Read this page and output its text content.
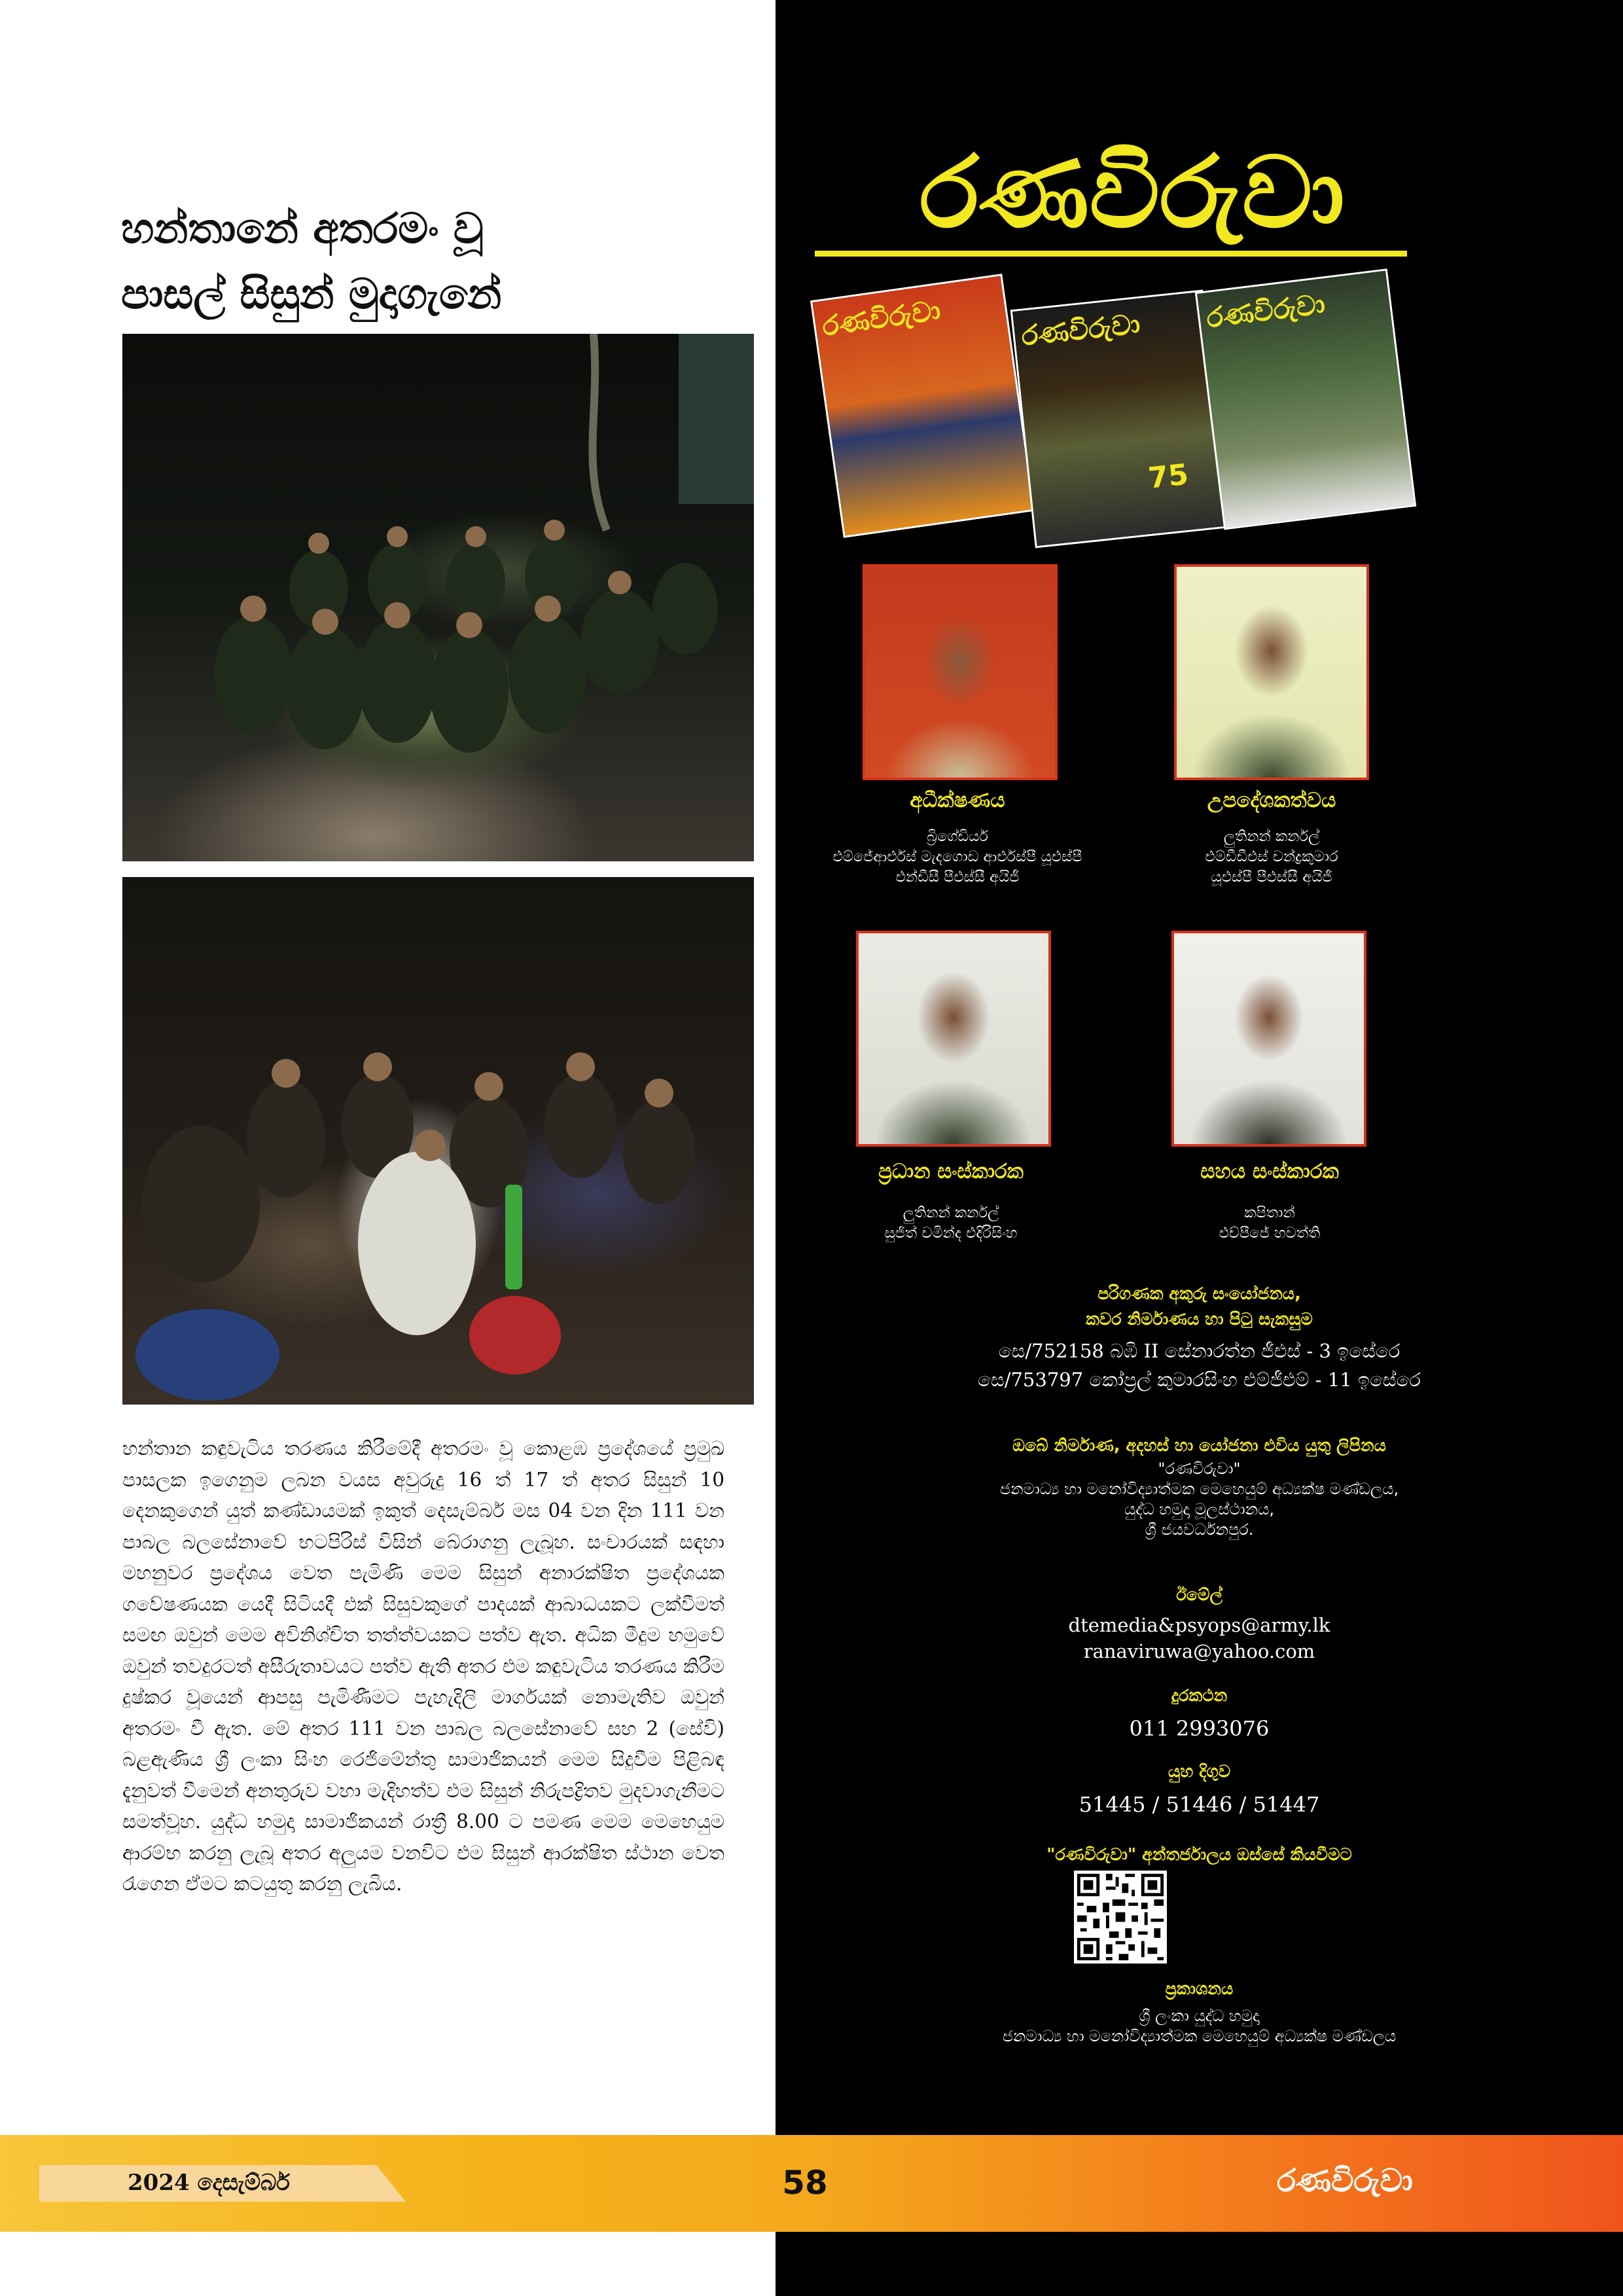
හන්තානේ අතරමං වූ
පාසල් සිසුන් මුදාගැනේ

හන්තාන කඳුවැටිය තරණය කිරීමේදී අතරමං වූ කොළඹ ප්‍රදේශයේ ප්‍රමුඛ පාසලක ඉගෙනුම ලබන වයස අවුරුදු 16 ත් 17 ත් අතර සිසුන් 10 දෙනකුගෙන් යුත් කණ්ඩායමක් ඉකුත් දෙසැම්බර් මස 04 වන දින 111 වන පාබල බලසේනාවේ භටපිරිස් විසින් බේරාගනු ලැබූහ. සංචාරයක් සඳහා මහනුවර ප්‍රදේශය වෙත පැමිණි මෙම සිසුන් අනාරක්ෂිත ප්‍රදේශයක ගවේෂණයක යෙදී සිටියදී එක් සිසුවකුගේ පාදයක් ආබාධයකට ලක්වීමත් සමඟ ඔවුන් මෙම අවිනිශ්චිත තත්ත්වයකට පත්ව ඇත. අධික මීදුම හමුවේ ඔවුන් තවදුරටත් අසීරුතාවයට පත්ව ඇති අතර එම කඳුවැටිය තරණය කිරීම දුෂ්කර වූයෙන් ආපසු පැමිණීමට පැහැදිලි මාර්ගයක් නොමැතිව ඔවුන් අතරමං වී ඇත. මේ අතර 111 වන පාබල බලසේනාවේ සහ 2 (සේවි) බළඇණිය ශ්‍රී ලංකා සිංහ රෙජිමේන්තු සාමාජිකයන් මෙම සිදුවීම පිළිබඳ දැනුවත් වීමෙන් අනතුරුව වහා මැදිහත්ව එම සිසුන් නිරුපද්‍රිතව මුදවාගැනීමට සමත්වූහ. යුද්ධ හමුදා සාමාජිකයන් රාත්‍රී 8.00 ට පමණ මෙම මෙහෙයුම ආරම්භ කරනු ලැබූ අතර අලුයම වනවිට එම සිසුන් ආරක්ෂිත ස්ථාන වෙත රැගෙන ඒමට කටයුතු කරනු ලැබිය.

රණවිරුවා
රණවිරුවා	රණවිරුවා
75
රණවිරුවා
අධීක්ෂණය
බ්‍රිගේඩියර්
එම්ජේආර්එස් මැදගොඩ ආර්එස්පී යූඑස්පී
එන්ඩීසී පීඑස්සී අයිජී
උපදේශකත්වය
ලුතිනන් කර්නල්
එම්ඩීඩීඑස් චන්ද්‍රකුමාර
යූඑස්පී පීඑස්සී අයිජී
ප්‍රධාන සංස්කාරක
ලුතිනන් කර්නල්
සුජිත් චමින්ද එදිරිසිංහ
සහය සංස්කාරක
කපිතාන්
එච්පීජේ හවත්ති
පරිගණක අකුරු සංයෝජනය,
කවර නිර්මාණය හා පිටු සැකසුම
සෙ/752158 බඹි II සේනාරත්න ජීඑස් - 3 ඉසේරෙ
සෙ/753797 කෝප්‍රල් කුමාරසිංහ එම්ජීඑම් - 11 ඉසේරෙ
ඔබේ නිර්මාණ, අදහස් හා යෝජනා එවිය යුතු ලිපිනය
"රණවිරුවා"
ජනමාධ්‍ය හා මනෝවිද්‍යාත්මක මෙහෙයුම් අධ්‍යක්ෂ මණ්ඩලය,
යුද්ධ හමුදා මූලස්ථානය,
ශ්‍රී ජයවර්ධනපුර.
ඊමේල්
dtemedia&psyops@army.lk
ranaviruwa@yahoo.com
දුරකථන
011 2993076
යුහ දිගුව
51445 / 51446 / 51447
"රණවිරුවා" අන්තර්ජාලය ඔස්සේ කියවීමට
ප්‍රකාශනය
ශ්‍රී ලංකා යුද්ධ හමුදා
ජනමාධ්‍ය හා මනෝවිද්‍යාත්මක මෙහෙයුම් අධ්‍යක්ෂ මණ්ඩලය
2024 දෙසැම්බර්	58	රණවිරුවා
